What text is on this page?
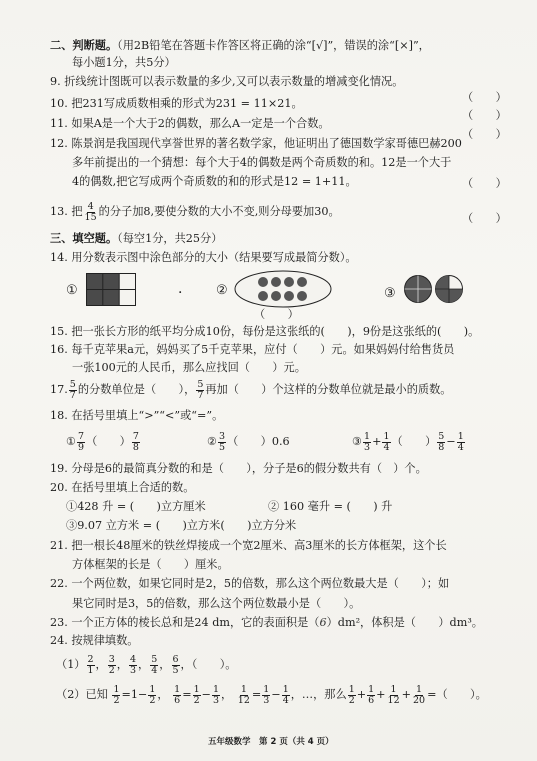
二、判断题。（用2B铅笔在答题卡作答区将正确的涂“[√]”，错误的涂“[×]”，
每小题1分，共5分）
9. 折线统计图既可以表示数量的多少,又可以表示数量的增减变化情况。
（　　）
10. 把231写成质数相乘的形式为231 = 11×21。
（　　）
11. 如果A是一个大于2的偶数，那么A一定是一个合数。
（　　）
12. 陈景润是我国现代享誉世界的著名数学家，他证明出了德国数学家哥德巴赫200
多年前提出的一个猜想：每个大于4的偶数是两个奇质数的和。12是一个大于
4的偶数,把它写成两个奇质数的和的形式是12 = 1+11。	（　　）
13. 把 $\frac{4}{15}$ 的分子加8,要使分数的大小不变,则分母要加30。
（　　）
三、填空题。（每空1分，共25分）
14. 用分数表示图中涂色部分的大小（结果要写成最简分数）。
①	·	②
（　　）
③
15. 把一张长方形的纸平均分成10份，每份是这张纸的(　　)，9份是这张纸的(　　)。
16. 每千克苹果a元，妈妈买了5千克苹果，应付（　　）元。如果妈妈付给售货员
一张100元的人民币，那么应找回（　　）元。
17. $\frac{5}{7}$ 的分数单位是（　　）， $\frac{5}{7}$ 再加（　　）个这样的分数单位就是最小的质数。
18. 在括号里填上“>”“<”或“=”。
① $\frac{7}{9}$ （　　） $\frac{7}{8}$	② $\frac{3}{5}$ （　　）0.6	③ $\frac{1}{3} + \frac{1}{4}$ （　　） $\frac{5}{8} - \frac{1}{4}$
19. 分母是6的最简真分数的和是（　　），分子是6的假分数共有（　）个。
20. 在括号里填上合适的数。
①428 升 = (　　)立方厘米	② 160 毫升 = (　　) 升
③9.07 立方米 = (　　)立方米(　　)立方分米
21. 把一根长48厘米的铁丝焊接成一个宽2厘米、高3厘米的长方体框架，这个长
方体框架的长是（　　）厘米。
22. 一个两位数，如果它同时是2，5的倍数，那么这个两位数最大是（　　）；如
果它同时是3，5的倍数，那么这个两位数最小是（　　）。
23. 一个正方体的棱长总和是24 dm，它的表面积是（6）dm²，体积是（　　）dm³。
24. 按规律填数。
$(1) \frac{2}{1}$ ， $\frac{3}{2}$ ， $\frac{4}{3}$ ， $\frac{5}{4}$ ， $\frac{6}{5}$ ，（　　）。
（2）已知 $\frac{1}{2} =1- \frac{1}{2}$ ， $\frac{1}{6} = \frac{1}{2} - \frac{1}{3}$ ， $\frac{1}{12} = \frac{1}{3} - \frac{1}{4}$ ，…，那么 $\frac{1}{2} + \frac{1}{6} + \frac{1}{12} + \frac{1}{20}$ =（　　）。
五年级数学　第 2 页（共 4 页）
